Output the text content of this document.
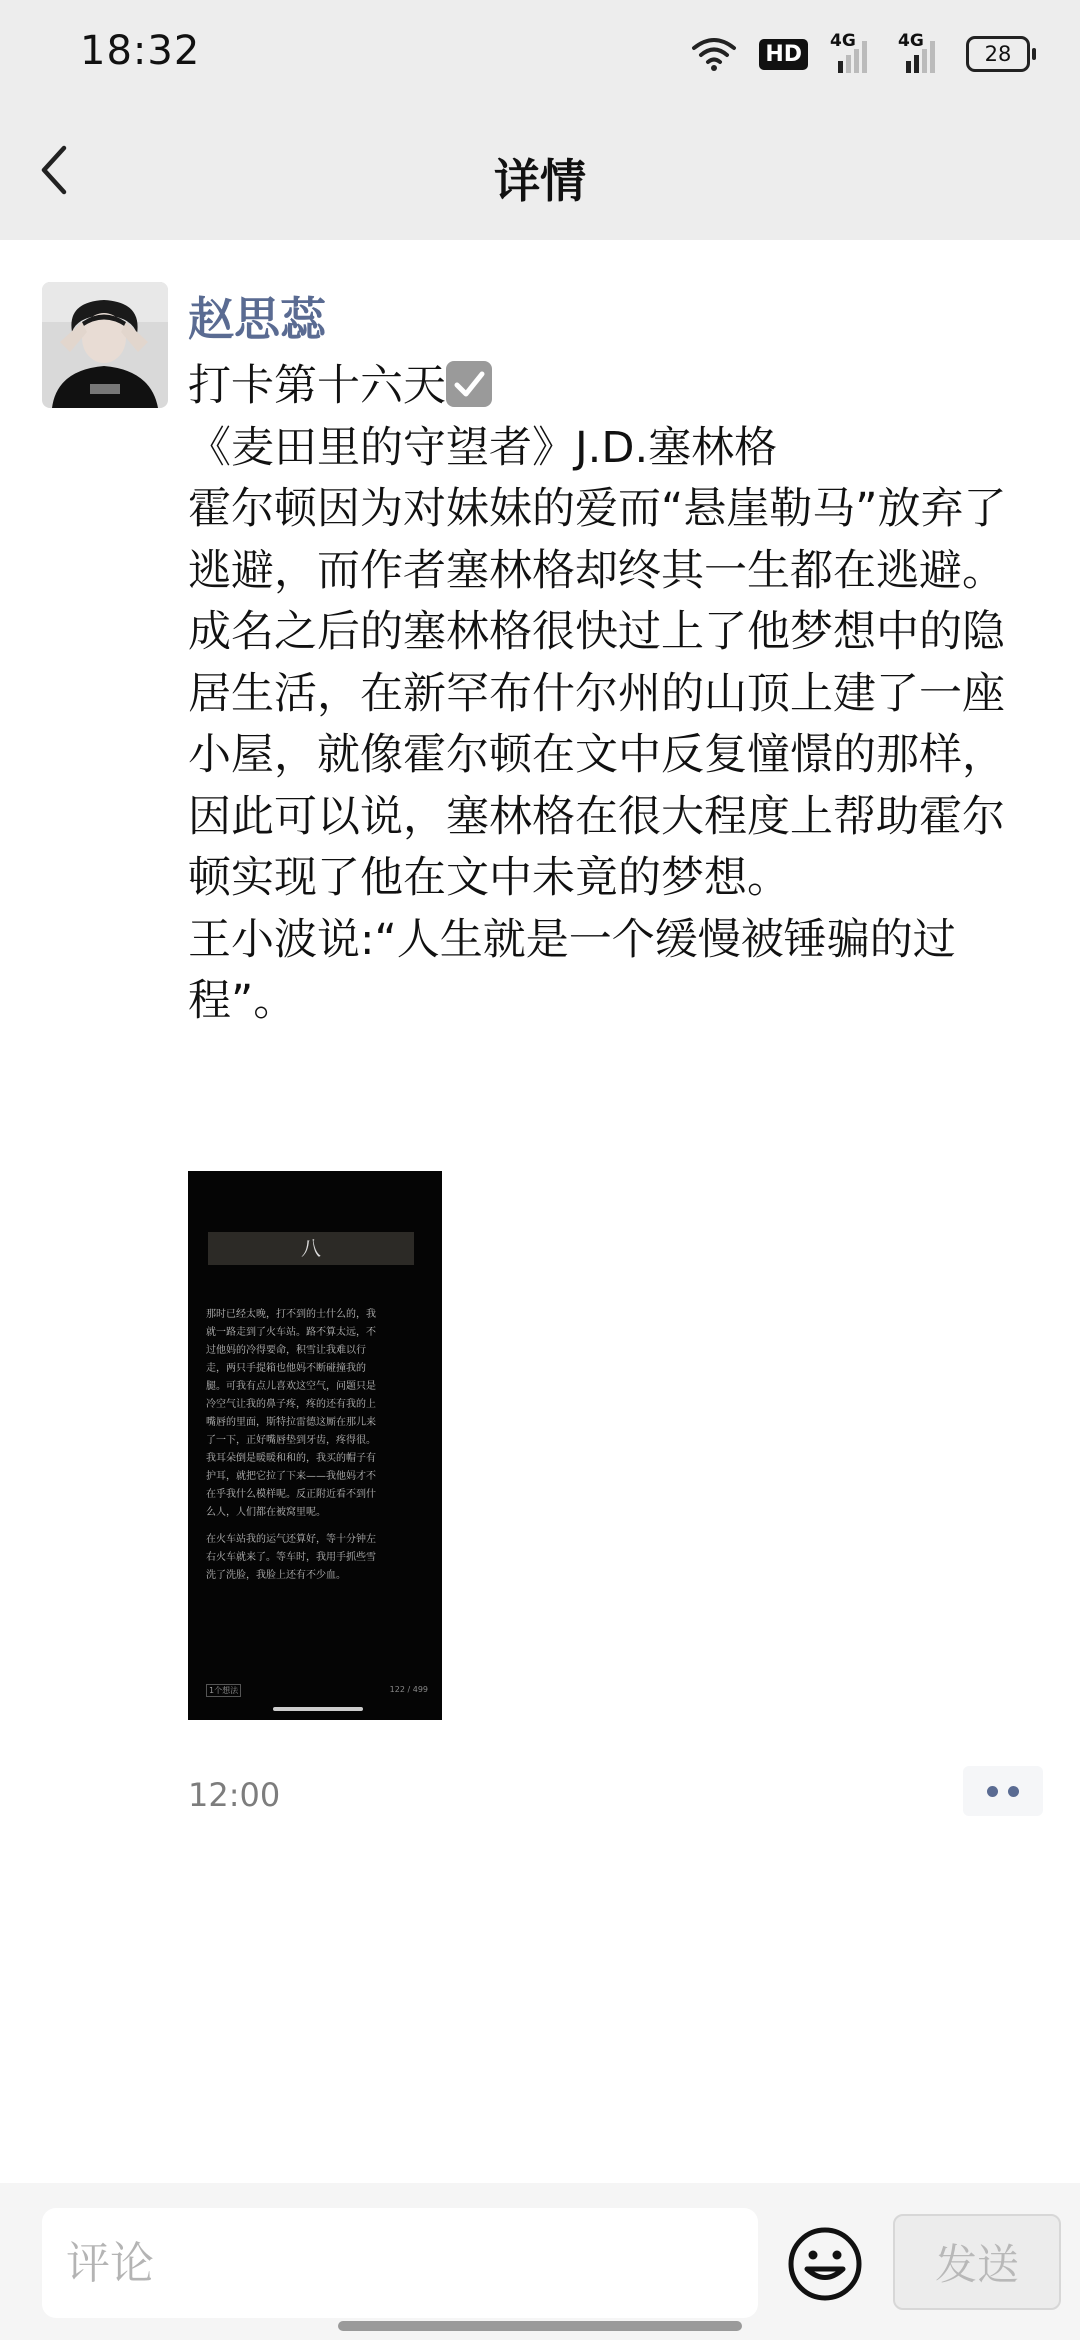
18:32	HD
4G 4G
28
详情
赵思蕊

打卡第十六天

《麦田里的守望者》J.D.塞林格

霍尔顿因为对妹妹的爱而“悬崖勒马”放弃了逃避，而作者塞林格却终其一生都在逃避。

成名之后的塞林格很快过上了他梦想中的隐居生活，在新罕布什尔州的山顶上建了一座小屋，就像霍尔顿在文中反复憧憬的那样，因此可以说，塞林格在很大程度上帮助霍尔顿实现了他在文中未竟的梦想。

王小波说:“人生就是一个缓慢被锤骗的过程”。

八
那时已经太晚，打不到的士什么的，我
就一路走到了火车站。路不算太远，不
过他妈的冷得要命，积雪让我难以行
走，两只手提箱也他妈不断碰撞我的
腿。可我有点儿喜欢这空气，问题只是
冷空气让我的鼻子疼，疼的还有我的上
嘴唇的里面，斯特拉雷德这厮在那儿来
了一下，正好嘴唇垫到牙齿，疼得很。
我耳朵倒是暖暖和和的，我买的帽子有
护耳，就把它拉了下来——我他妈才不
在乎我什么模样呢。反正附近看不到什
么人，人们都在被窝里呢。
在火车站我的运气还算好，等十分钟左
右火车就来了。等车时，我用手抓些雪
洗了洗脸，我脸上还有不少血。
1个想法	122 / 499
12:00
评论
发送
